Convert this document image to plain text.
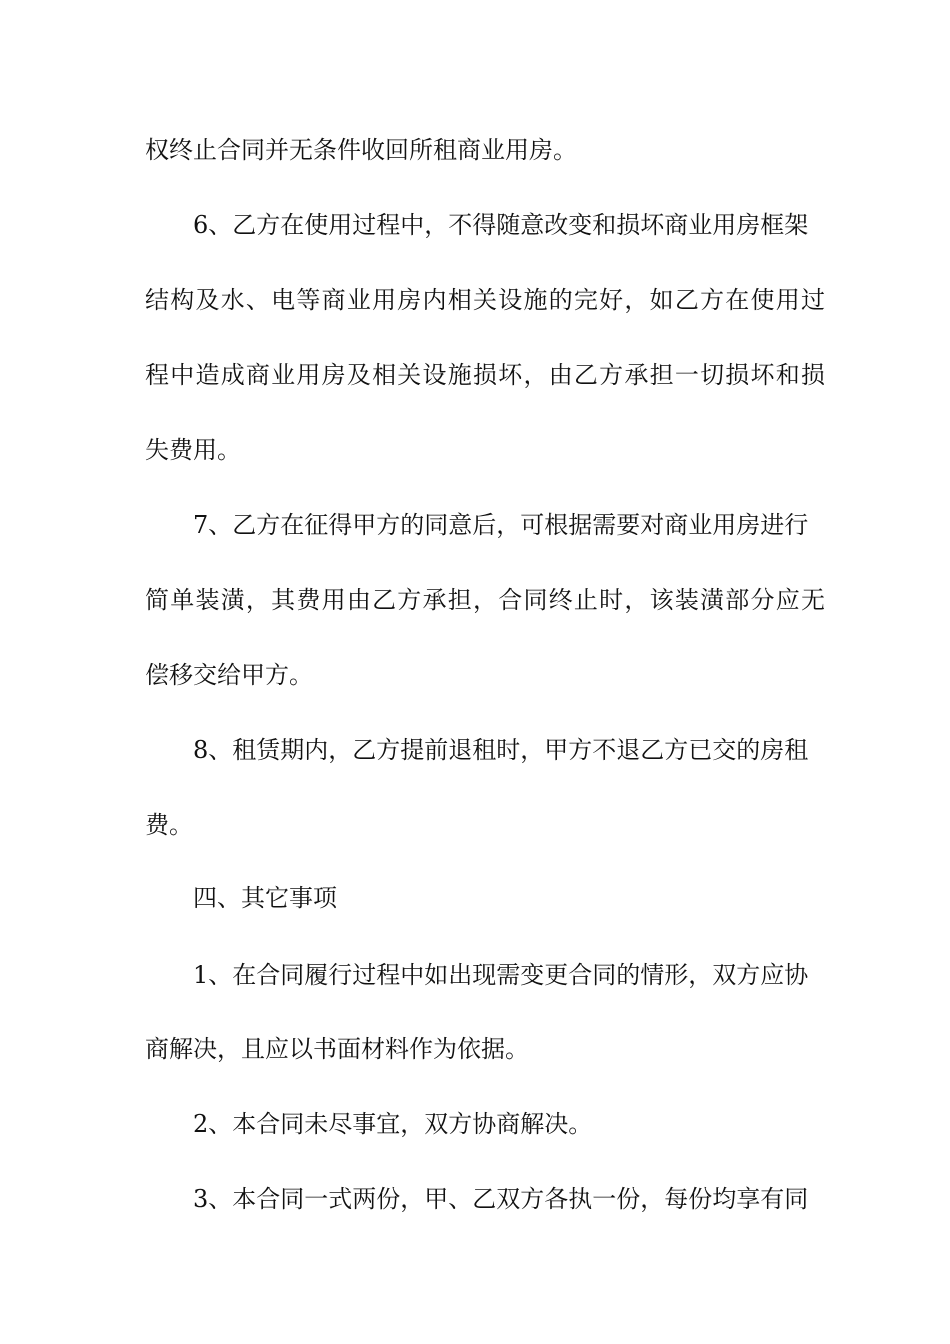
权终止合同并无条件收回所租商业用房。
6、乙方在使用过程中，不得随意改变和损坏商业用房框架
结构及水、电等商业用房内相关设施的完好，如乙方在使用过
程中造成商业用房及相关设施损坏，由乙方承担一切损坏和损
失费用。
7、乙方在征得甲方的同意后，可根据需要对商业用房进行
简单装潢，其费用由乙方承担，合同终止时，该装潢部分应无
偿移交给甲方。
8、租赁期内，乙方提前退租时，甲方不退乙方已交的房租
费。
四、其它事项
1、在合同履行过程中如出现需变更合同的情形，双方应协
商解决，且应以书面材料作为依据。
2、本合同未尽事宜，双方协商解决。
3、本合同一式两份，甲、乙双方各执一份，每份均享有同
